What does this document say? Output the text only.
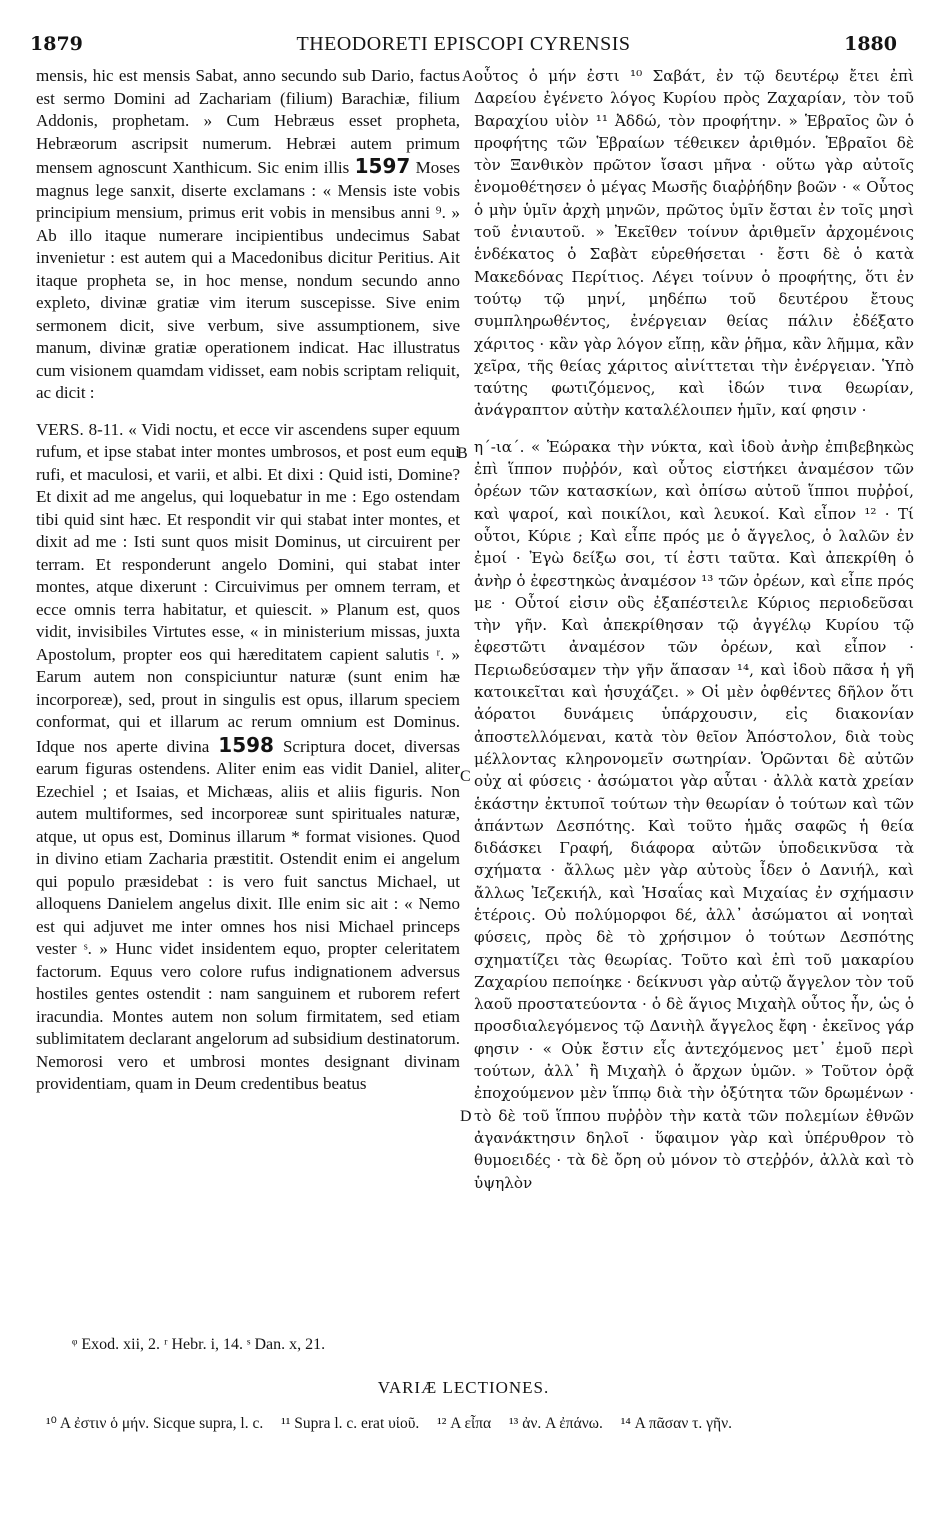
1879	THEODORETI EPISCOPI CYRENSIS	1880

mensis, hic est mensis Sabat, anno secundo sub Dario, factus est sermo Domini ad Zachariam (filium) Barachiæ, filium Addonis, prophetam. » Cum Hebræus esset propheta, Hebræorum ascripsit numerum. Hebræi autem primum mensem agnoscunt Xanthicum. Sic enim illis 1597 Moses magnus lege sanxit, diserte exclamans : « Mensis iste vobis principium mensium, primus erit vobis in mensibus anni ⁹. » Ab illo itaque numerare incipientibus undecimus Sabat invenietur : est autem qui a Macedonibus dicitur Peritius. Ait itaque propheta se, in hoc mense, nondum secundo anno expleto, divinæ gratiæ vim iterum suscepisse. Sive enim sermonem dicit, sive verbum, sive assumptionem, sive manum, divinæ gratiæ operationem indicat. Hac illustratus cum visionem quamdam vidisset, eam nobis scriptam reliquit, ac dicit :

VERS. 8-11. « Vidi noctu, et ecce vir ascendens super equum rufum, et ipse stabat inter montes umbrosos, et post eum equi rufi, et maculosi, et varii, et albi. Et dixi : Quid isti, Domine? Et dixit ad me angelus, qui loquebatur in me : Ego ostendam tibi quid sint hæc. Et respondit vir qui stabat inter montes, et dixit ad me : Isti sunt quos misit Dominus, ut circuirent per terram. Et responderunt angelo Domini, qui stabat inter montes, atque dixerunt : Circuivimus per omnem terram, et ecce omnis terra habitatur, et quiescit. » Planum est, quos vidit, invisibiles Virtutes esse, « in ministerium missas, juxta Apostolum, propter eos qui hæreditatem capient salutis ʳ. » Earum autem non conspiciuntur naturæ (sunt enim hæ incorporeæ), sed, prout in singulis est opus, illarum speciem conformat, qui et illarum ac rerum omnium est Dominus. Idque nos aperte divina 1598 Scriptura docet, diversas earum figuras ostendens. Aliter enim eas vidit Daniel, aliter Ezechiel ; et Isaias, et Michæas, aliis et aliis figuris. Non autem multiformes, sed incorporeæ sunt spirituales naturæ, atque, ut opus est, Dominus illarum * format visiones. Quod in divino etiam Zacharia præstitit. Ostendit enim ei angelum qui populo præsidebat : is vero fuit sanctus Michael, ut alloquens Danielem angelus dixit. Ille enim sic ait : « Nemo est qui adjuvet me inter omnes hos nisi Michael princeps vester ˢ. » Hunc videt insidentem equo, propter celeritatem factorum. Equus vero colore rufus indignationem adversus hostiles gentes ostendit : nam sanguinem et ruborem refert iracundia. Montes autem non solum firmitatem, sed etiam sublimitatem declarant angelorum ad subsidium destinatorum. Nemorosi vero et umbrosi montes designant divinam providentiam, quam in Deum credentibus beatus

οὗτος ὁ μήν ἐστι ¹⁰ Σαβάτ, ἐν τῷ δευτέρῳ ἔτει ἐπὶ Δαρείου ἐγένετο λόγος Κυρίου πρὸς Ζαχαρίαν, τὸν τοῦ Βαραχίου υἱὸν ¹¹ Ἀδδώ, τὸν προφήτην. » Ἑβραῖος ὢν ὁ προφήτης τῶν Ἑβραίων τέθεικεν ἀριθμόν. Ἑβραῖοι δὲ τὸν Ξανθικὸν πρῶτον ἴσασι μῆνα · οὕτω γὰρ αὐτοῖς ἐνομοθέτησεν ὁ μέγας Μωσῆς διαῤῥήδην βοῶν · « Οὗτος ὁ μὴν ὑμῖν ἀρχὴ μηνῶν, πρῶτος ὑμῖν ἔσται ἐν τοῖς μησὶ τοῦ ἐνιαυτοῦ. » Ἐκεῖθεν τοίνυν ἀριθμεῖν ἀρχομένοις ἑνδέκατος ὁ Σαβὰτ εὑρεθήσεται · ἔστι δὲ ὁ κατὰ Μακεδόνας Περίτιος. Λέγει τοίνυν ὁ προφήτης, ὅτι ἐν τούτῳ τῷ μηνί, μηδέπω τοῦ δευτέρου ἔτους συμπληρωθέντος, ἐνέργειαν θείας πάλιν ἐδέξατο χάριτος · κἂν γὰρ λόγον εἴπῃ, κἂν ῥῆμα, κἂν λῆμμα, κἂν χεῖρα, τῆς θείας χάριτος αἰνίττεται τὴν ἐνέργειαν. Ὑπὸ ταύτης φωτιζόμενος, καὶ ἰδών τινα θεωρίαν, ἀνάγραπτον αὐτὴν καταλέλοιπεν ἡμῖν, καί φησιν ·

η΄-ια΄. « Ἑώρακα τὴν νύκτα, καὶ ἰδοὺ ἀνὴρ ἐπιβεβηκὼς ἐπὶ ἵππον πυῤῥόν, καὶ οὗτος εἱστήκει ἀναμέσον τῶν ὀρέων τῶν κατασκίων, καὶ ὀπίσω αὐτοῦ ἵπποι πυῤῥοί, καὶ ψαροί, καὶ ποικίλοι, καὶ λευκοί. Καὶ εἶπον ¹² · Τί οὗτοι, Κύριε ; Καὶ εἶπε πρός με ὁ ἄγγελος, ὁ λαλῶν ἐν ἐμοί · Ἐγὼ δείξω σοι, τί ἐστι ταῦτα. Καὶ ἀπεκρίθη ὁ ἀνὴρ ὁ ἐφεστηκὼς ἀναμέσον ¹³ τῶν ὀρέων, καὶ εἶπε πρός με · Οὗτοί εἰσιν οὓς ἐξαπέστειλε Κύριος περιοδεῦσαι τὴν γῆν. Καὶ ἀπεκρίθησαν τῷ ἀγγέλῳ Κυρίου τῷ ἐφεστῶτι ἀναμέσον τῶν ὀρέων, καὶ εἶπον · Περιωδεύσαμεν τὴν γῆν ἅπασαν ¹⁴, καὶ ἰδοὺ πᾶσα ἡ γῆ κατοικεῖται καὶ ἡσυχάζει. » Οἱ μὲν ὀφθέντες δῆλον ὅτι ἀόρατοι δυνάμεις ὑπάρχουσιν, εἰς διακονίαν ἀποστελλόμεναι, κατὰ τὸν θεῖον Ἀπόστολον, διὰ τοὺς μέλλοντας κληρονομεῖν σωτηρίαν. Ὁρῶνται δὲ αὐτῶν οὐχ αἱ φύσεις · ἀσώματοι γὰρ αὗται · ἀλλὰ κατὰ χρείαν ἑκάστην ἐκτυποῖ τούτων τὴν θεωρίαν ὁ τούτων καὶ τῶν ἁπάντων Δεσπότης. Καὶ τοῦτο ἡμᾶς σαφῶς ἡ θεία διδάσκει Γραφή, διάφορα αὐτῶν ὑποδεικνῦσα τὰ σχήματα · ἄλλως μὲν γὰρ αὐτοὺς ἶδεν ὁ Δανιήλ, καὶ ἄλλως Ἰεζεκιήλ, καὶ Ἡσαΐας καὶ Μιχαίας ἐν σχήμασιν ἑτέροις. Οὐ πολύμορφοι δέ, ἀλλ᾽ ἀσώματοι αἱ νοηταὶ φύσεις, πρὸς δὲ τὸ χρήσιμον ὁ τούτων Δεσπότης σχηματίζει τὰς θεωρίας. Τοῦτο καὶ ἐπὶ τοῦ μακαρίου Ζαχαρίου πεποίηκε · δείκνυσι γὰρ αὐτῷ ἄγγελον τὸν τοῦ λαοῦ προστατεύοντα · ὁ δὲ ἅγιος Μιχαὴλ οὗτος ἦν, ὡς ὁ προσδιαλεγόμενος τῷ Δανιὴλ ἄγγελος ἔφη · ἐκεῖνος γάρ φησιν · « Οὐκ ἔστιν εἷς ἀντεχόμενος μετ᾽ ἐμοῦ περὶ τούτων, ἀλλ᾽ ἢ Μιχαὴλ ὁ ἄρχων ὑμῶν. » Τοῦτον ὁρᾷ ἐποχούμενον μὲν ἵππῳ διὰ τὴν ὀξύτητα τῶν δρωμένων · τὸ δὲ τοῦ ἵππου πυῤῥὸν τὴν κατὰ τῶν πολεμίων ἐθνῶν ἀγανάκτησιν δηλοῖ · ὕφαιμον γὰρ καὶ ὑπέρυθρον τὸ θυμοειδές · τὰ δὲ ὄρη οὐ μόνον τὸ στεῤῥόν, ἀλλὰ καὶ τὸ ὑψηλὸν

A
B
C
D
ᵠ Exod. xii, 2. ʳ Hebr. i, 14. ˢ Dan. x, 21.
VARIÆ LECTIONES.
¹⁰ A ἐστιν ὁ μήν. Sicque supra, l. c. ¹¹ Supra l. c. erat υἱοῦ. ¹² A εἶπα ¹³ ἀν. A ἐπάνω. ¹⁴ A πᾶσαν τ. γῆν.
